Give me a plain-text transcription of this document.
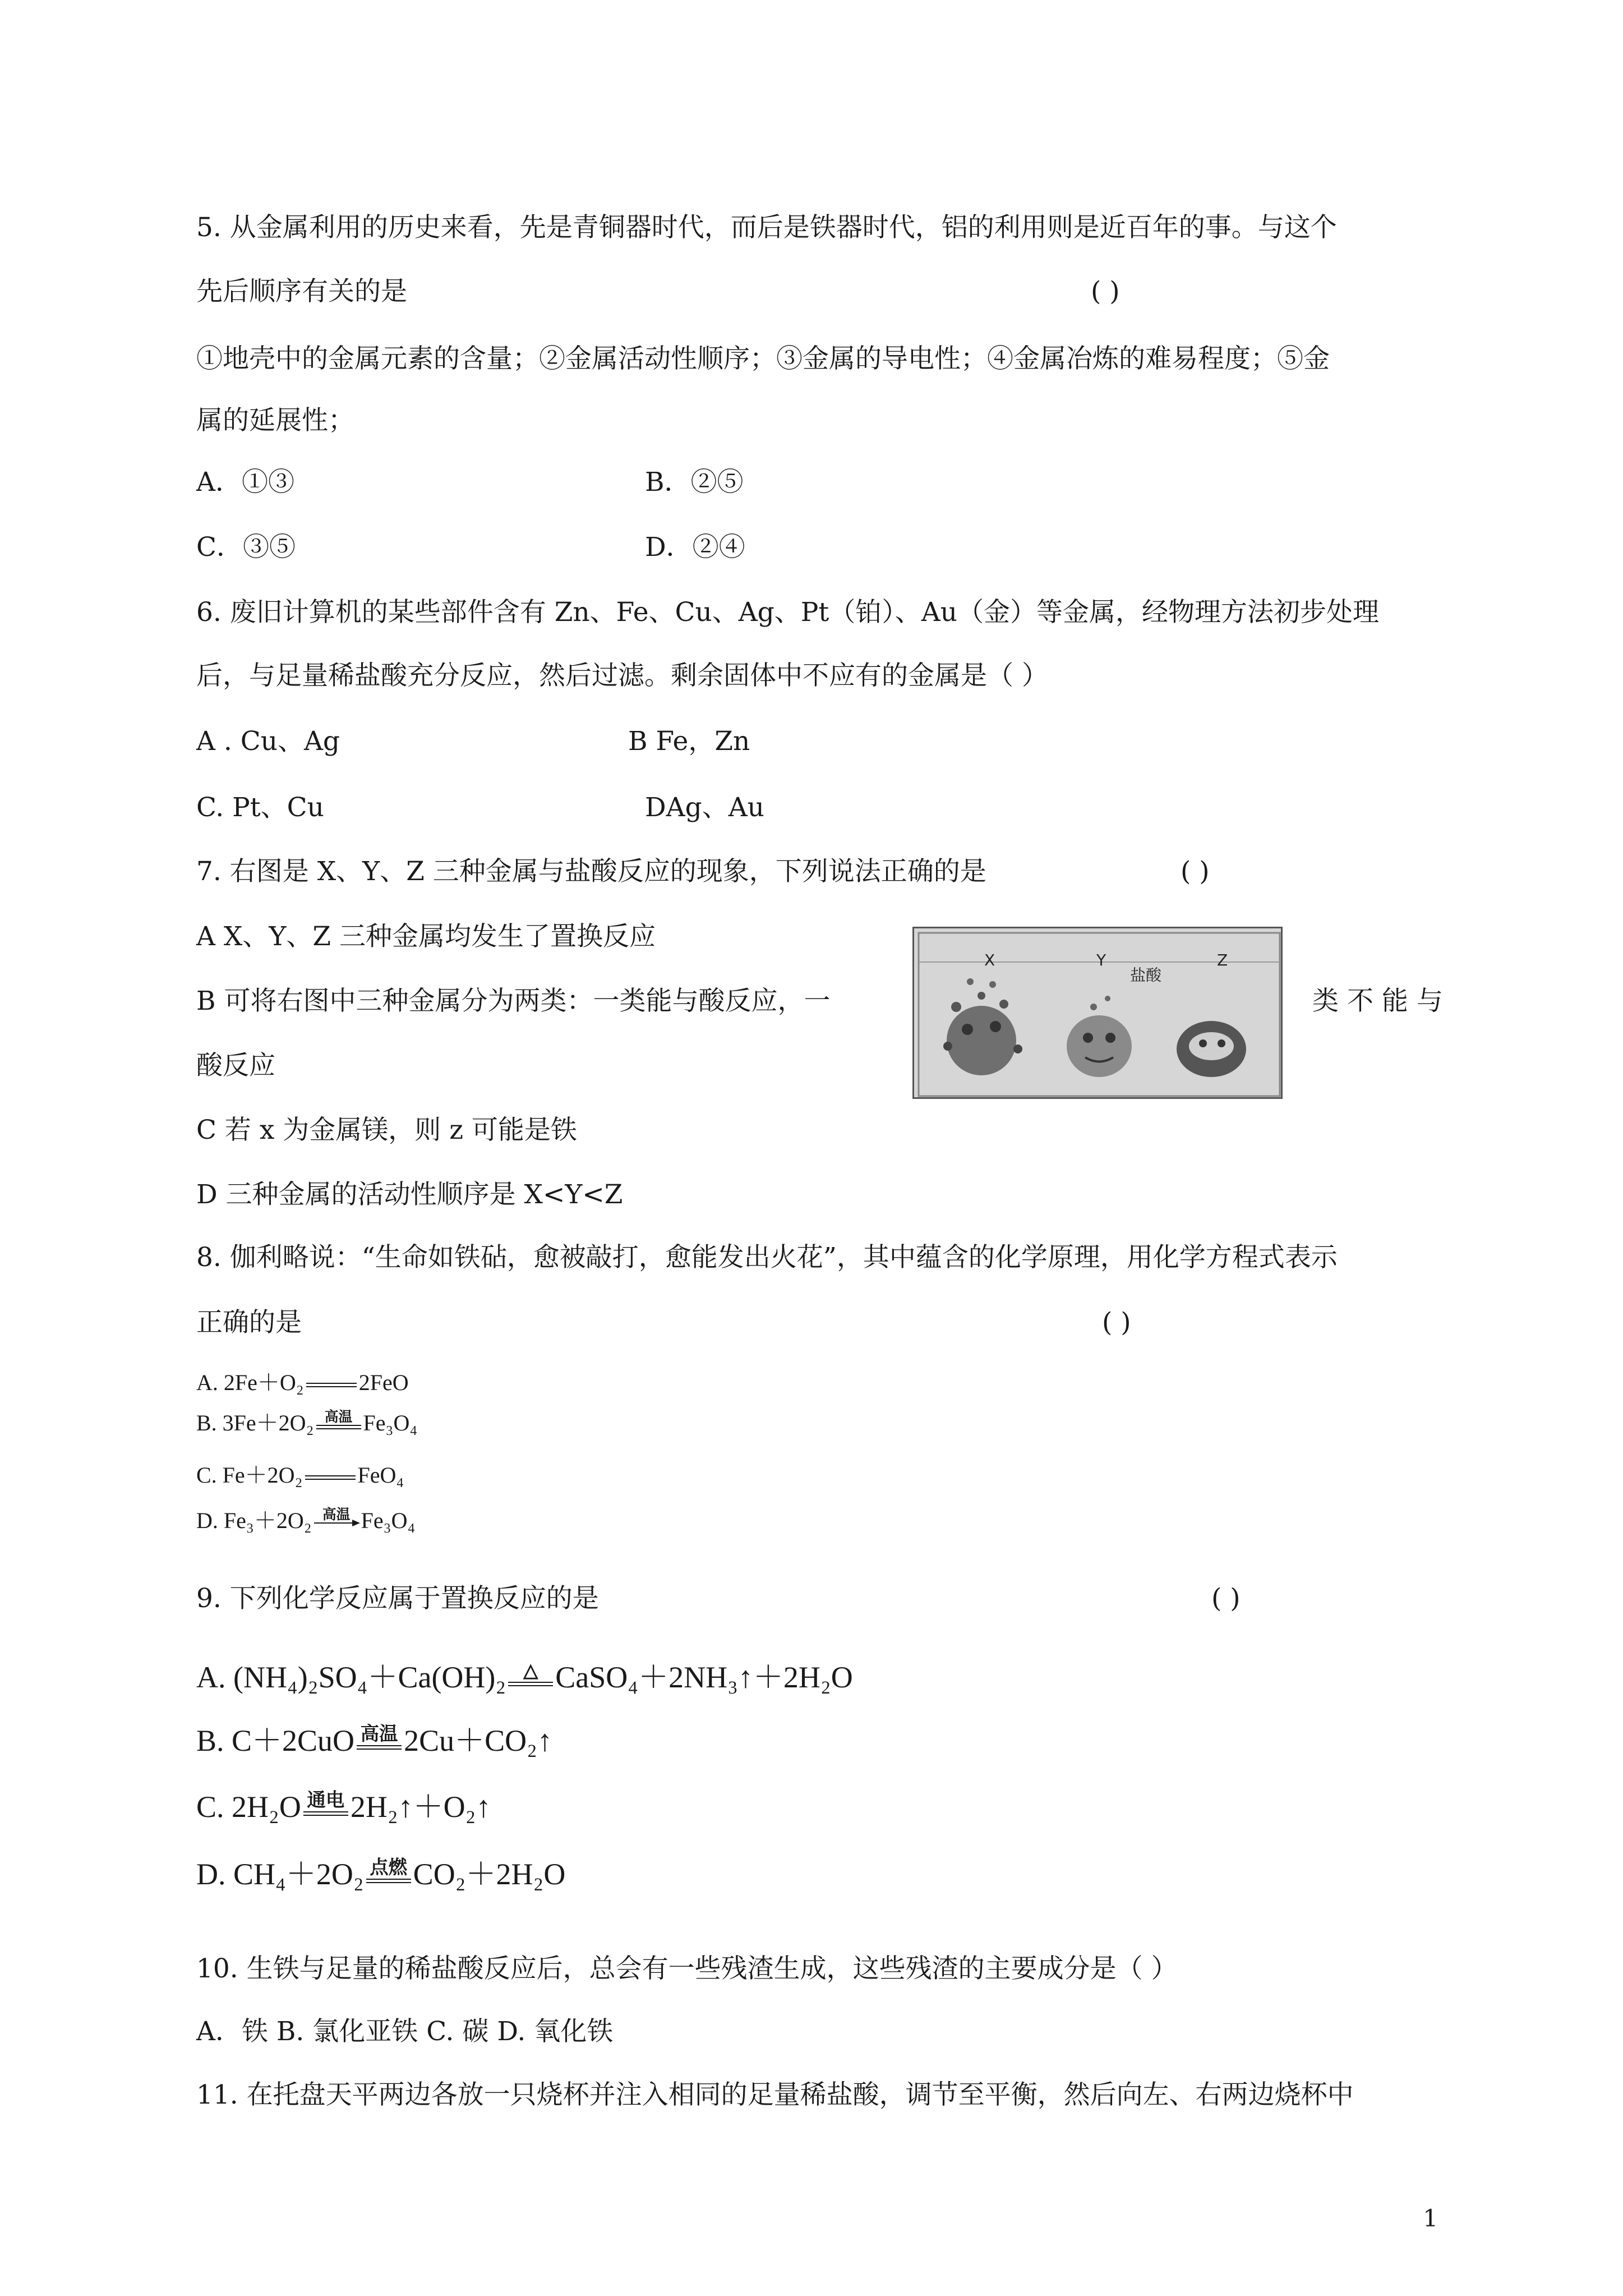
5. 从金属利用的历史来看，先是青铜器时代，而后是铁器时代，铝的利用则是近百年的事。与这个
先后顺序有关的是	( )
①地壳中的金属元素的含量；②金属活动性顺序；③金属的导电性；④金属冶炼的难易程度；⑤金
属的延展性；
A．①③	B．②⑤
C．③⑤	D．②④
6. 废旧计算机的某些部件含有 Zn、Fe、Cu、Ag、Pt（铂）、Au（金）等金属，经物理方法初步处理
后，与足量稀盐酸充分反应，然后过滤。剩余固体中不应有的金属是（ ）
A . Cu、Ag	B Fe，Zn
C. Pt、Cu	DAg、Au
7. 右图是 X、Y、Z 三种金属与盐酸反应的现象，下列说法正确的是	( )
A X、Y、Z 三种金属均发生了置换反应
B 可将右图中三种金属分为两类：一类能与酸反应，一	类 不 能 与
酸反应
C 若 x 为金属镁，则 z 可能是铁
D 三种金属的活动性顺序是 X<Y<Z
X	Y
盐酸
Z
8. 伽利略说：“生命如铁砧，愈被敲打，愈能发出火花”，其中蕴含的化学原理，用化学方程式表示
正确的是	( )
A. 2Fe＋O₂ 2FeO
B. 3Fe＋2O₂ 高温 Fe₃O₄
C. Fe＋2O₂ FeO₄
D. Fe₃＋2O₂ 高温 Fe₃O₄
9. 下列化学反应属于置换反应的是	( )
A. (NH₄)₂SO₄＋Ca(OH)₂ △ CaSO₄＋2NH₃↑＋2H₂O
B. C＋2CuO 高温 2Cu＋CO₂↑
C. 2H₂O 通电 2H₂↑＋O₂↑
D. CH₄＋2O₂ 点燃 CO₂＋2H₂O
10. 生铁与足量的稀盐酸反应后，总会有一些残渣生成，这些残渣的主要成分是（ ）
A．铁 B. 氯化亚铁 C. 碳 D. 氧化铁
11. 在托盘天平两边各放一只烧杯并注入相同的足量稀盐酸，调节至平衡，然后向左、右两边烧杯中
1
